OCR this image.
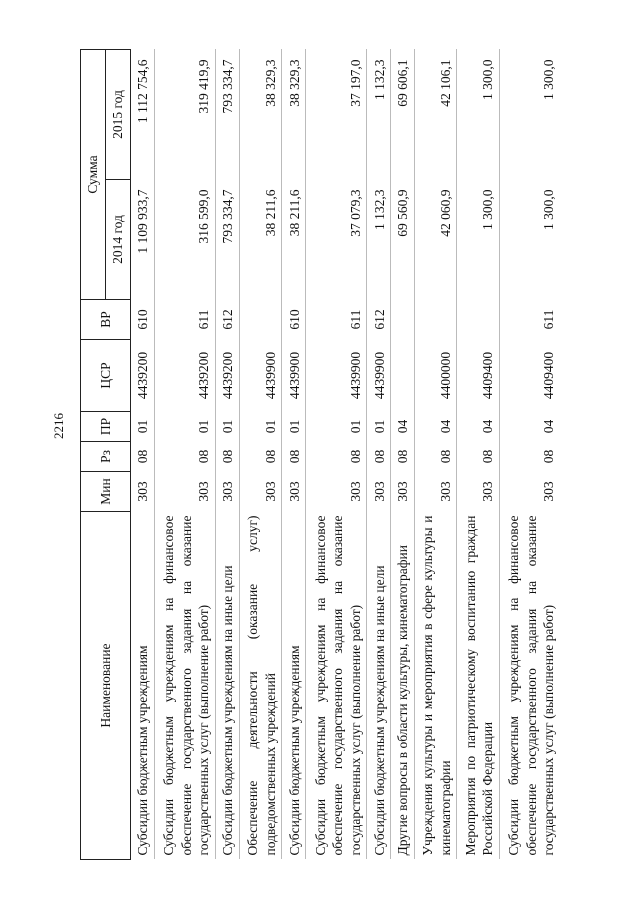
2216
Наименование	Мин	Рз	ПР	ЦСР	ВР	Сумма	
						2014 год	2015 год
Субсидии бюджетным учреждениям	303	08	01	4439200	610	1 109 933,7	1 112 754,6
Субсидии бюджетным учреждениям на финансовое обеспечение государственного задания на оказание государственных услуг (выполнение работ)	303	08	01	4439200	611	316 599,0	319 419,9
Субсидии бюджетным учреждениям на иные цели	303	08	01	4439200	612	793 334,7	793 334,7
Обеспечение деятельности (оказание услуг) подведомственных учреждений	303	08	01	4439900		38 211,6	38 329,3
Субсидии бюджетным учреждениям	303	08	01	4439900	610	38 211,6	38 329,3
Субсидии бюджетным учреждениям на финансовое обеспечение государственного задания на оказание государственных услуг (выполнение работ)	303	08	01	4439900	611	37 079,3	37 197,0
Субсидии бюджетным учреждениям на иные цели	303	08	01	4439900	612	1 132,3	1 132,3
Другие вопросы в области культуры, кинематографии	303	08	04			69 560,9	69 606,1
Учреждения культуры и мероприятия в сфере культуры и кинематографии	303	08	04	4400000		42 060,9	42 106,1
Мероприятия по патриотическому воспитанию граждан Российской Федерации	303	08	04	4409400		1 300,0	1 300,0
Субсидии бюджетным учреждениям на финансовое обеспечение государственного задания на оказание государственных услуг (выполнение работ)	303	08	04	4409400	611	1 300,0	1 300,0
